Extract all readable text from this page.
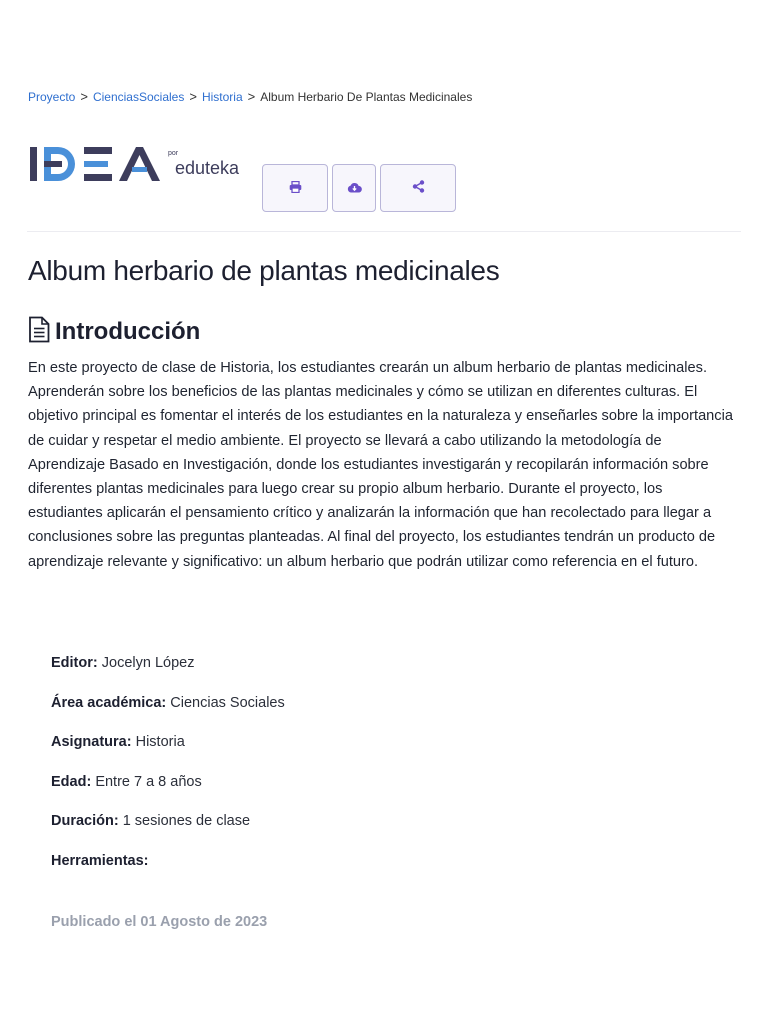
Proyecto > CienciasSociales > Historia > Album Herbario De Plantas Medicinales
por
eduteka
Album herbario de plantas medicinales
Introducción

En este proyecto de clase de Historia, los estudiantes crearán un album herbario de plantas medicinales. Aprenderán sobre los beneficios de las plantas medicinales y cómo se utilizan en diferentes culturas. El objetivo principal es fomentar el interés de los estudiantes en la naturaleza y enseñarles sobre la importancia de cuidar y respetar el medio ambiente. El proyecto se llevará a cabo utilizando la metodología de Aprendizaje Basado en Investigación, donde los estudiantes investigarán y recopilarán información sobre diferentes plantas medicinales para luego crear su propio album herbario. Durante el proyecto, los estudiantes aplicarán el pensamiento crítico y analizarán la información que han recolectado para llegar a conclusiones sobre las preguntas planteadas. Al final del proyecto, los estudiantes tendrán un producto de aprendizaje relevante y significativo: un album herbario que podrán utilizar como referencia en el futuro.

Editor: Jocelyn López
Área académica: Ciencias Sociales
Asignatura: Historia
Edad: Entre 7 a 8 años
Duración: 1 sesiones de clase
Herramientas:
Publicado el 01 Agosto de 2023
